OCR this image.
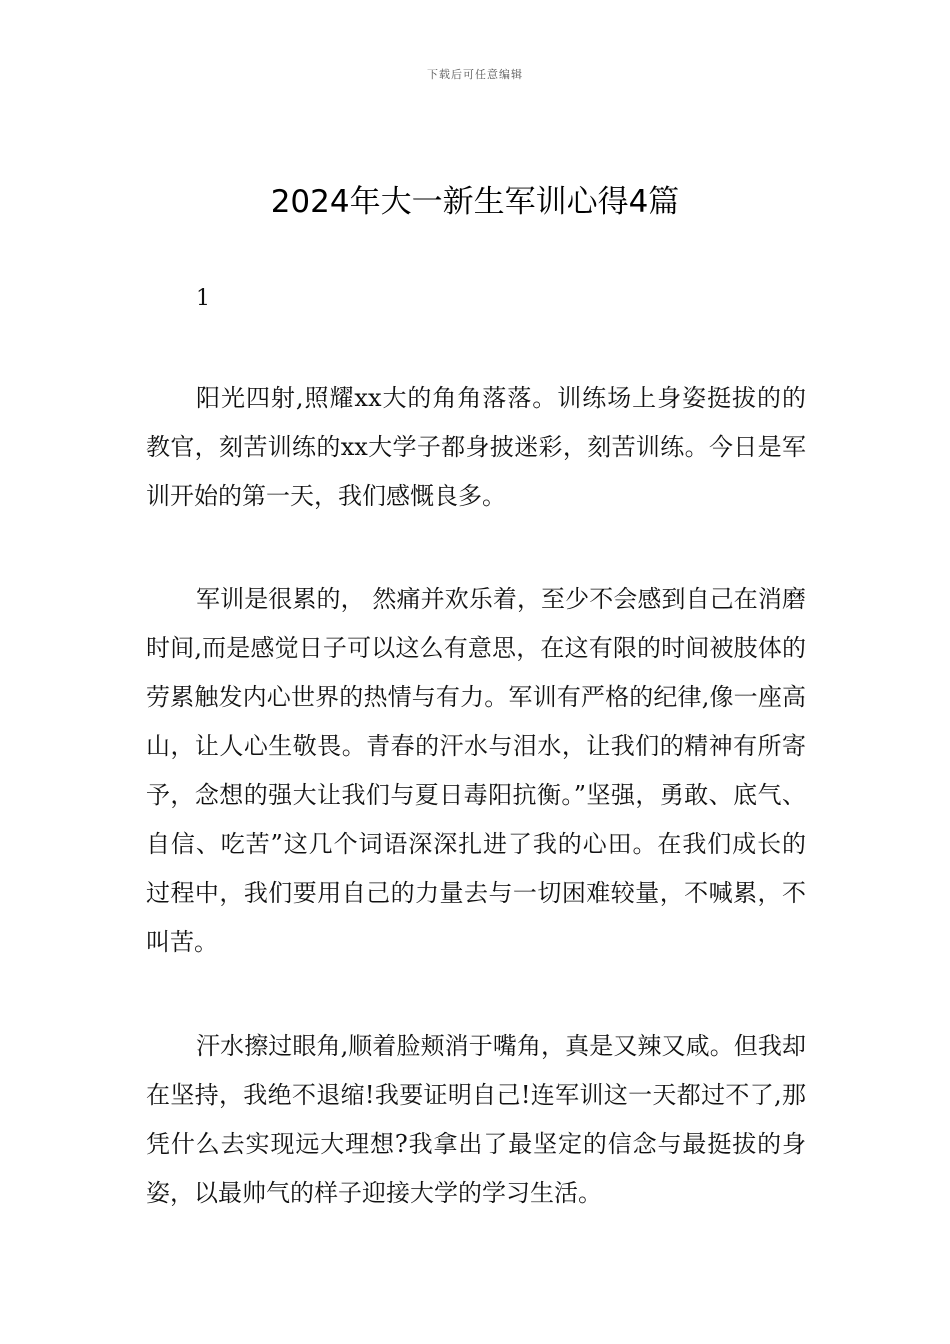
下载后可任意编辑
2024年大一新生军训心得4篇
1

阳光四射,照耀xx大的角角落落。训练场上身姿挺拔的的教官，刻苦训练的xx大学子都身披迷彩，刻苦训练。今日是军训开始的第一天，我们感慨良多。

军训是很累的， 然痛并欢乐着，至少不会感到自己在消磨时间,而是感觉日子可以这么有意思，在这有限的时间被肢体的劳累触发内心世界的热情与有力。军训有严格的纪律,像一座高山，让人心生敬畏。青春的汗水与泪水，让我们的精神有所寄予，念想的强大让我们与夏日毒阳抗衡。”坚强，勇敢、底气、自信、吃苦”这几个词语深深扎进了我的心田。在我们成长的过程中，我们要用自己的力量去与一切困难较量，不喊累，不叫苦。

汗水擦过眼角,顺着脸颊消于嘴角，真是又辣又咸。但我却在坚持，我绝不退缩!我要证明自己!连军训这一天都过不了,那凭什么去实现远大理想?我拿出了最坚定的信念与最挺拔的身姿，以最帅气的样子迎接大学的学习生活。
